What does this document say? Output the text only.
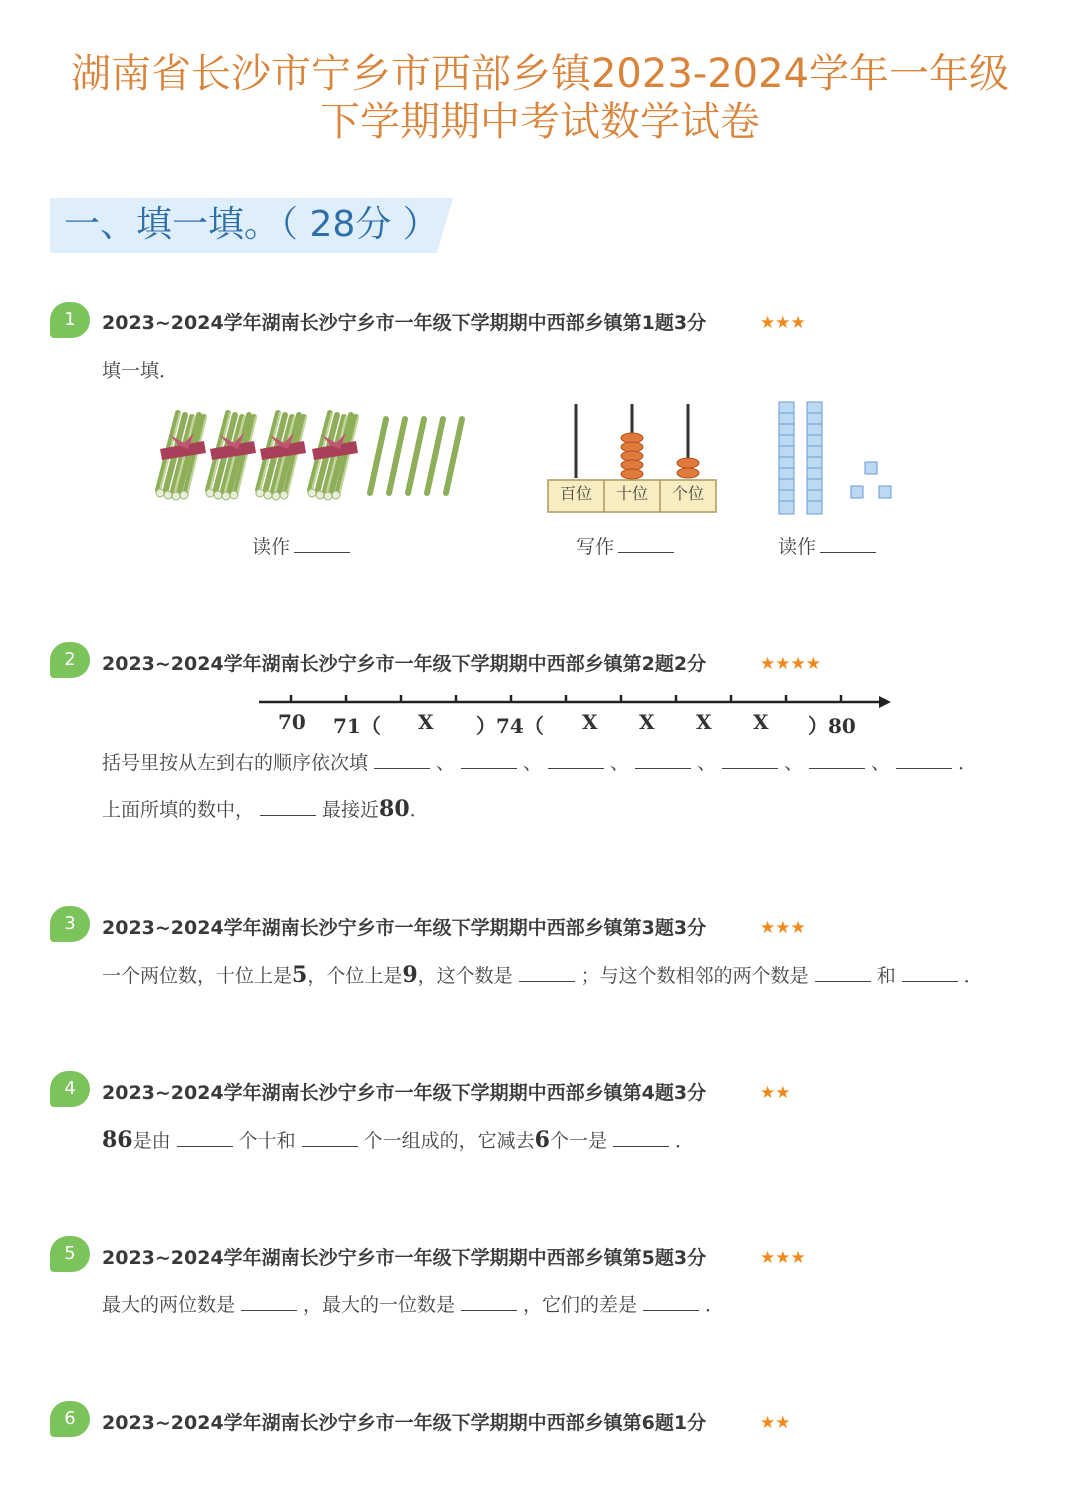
湖南省长沙市宁乡市西部乡镇2023-2024学年一年级
下学期期中考试数学试卷
一、填一填。（ 28分 ）
1	2023~2024学年湖南长沙宁乡市一年级下学期期中西部乡镇第1题3分	★★★
填一填．
百位	十位	个位
读作	写作	读作
2	2023~2024学年湖南长沙宁乡市一年级下学期期中西部乡镇第2题2分	★★★★
70 71（ X ）74（ X X X X ）80
括号里按从左到右的顺序依次填	、	、	、	、	、	、	．
上面所填的数中，	最接近80．
3	2023~2024学年湖南长沙宁乡市一年级下学期期中西部乡镇第3题3分	★★★
一个两位数，十位上是5，个位上是9，这个数是	；与这个数相邻的两个数是	和	．
4	2023~2024学年湖南长沙宁乡市一年级下学期期中西部乡镇第4题3分	★★
86是由	个十和	个一组成的，它减去6个一是	．
5	2023~2024学年湖南长沙宁乡市一年级下学期期中西部乡镇第5题3分	★★★
最大的两位数是	，最大的一位数是	，它们的差是	．
6	2023~2024学年湖南长沙宁乡市一年级下学期期中西部乡镇第6题1分	★★
